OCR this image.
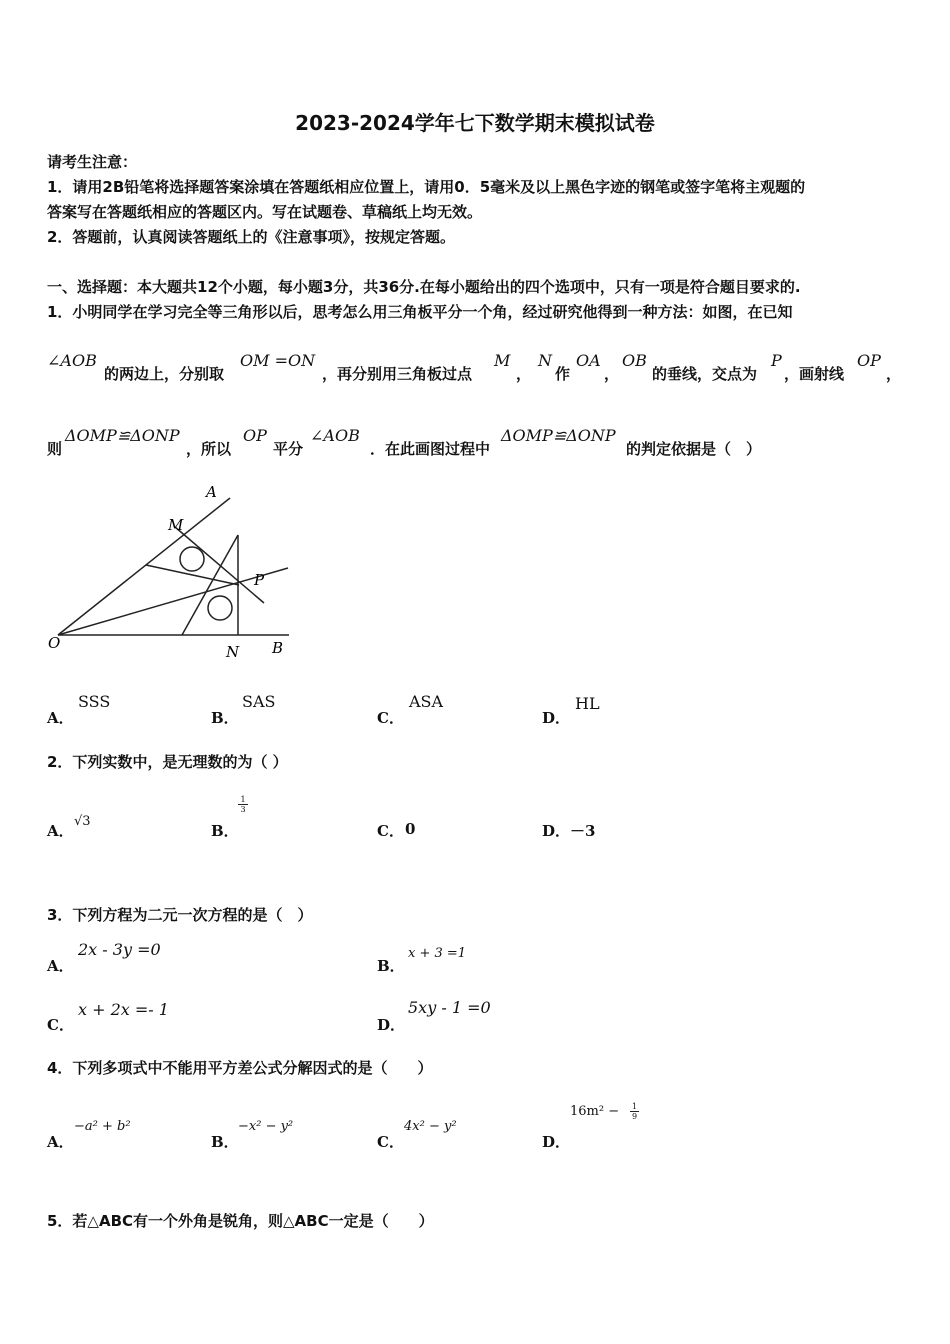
2023-2024学年七下数学期末模拟试卷
请考生注意：
1．请用2B铅笔将选择题答案涂填在答题纸相应位置上，请用0．5毫米及以上黑色字迹的钢笔或签字笔将主观题的
答案写在答题纸相应的答题区内。写在试题卷、草稿纸上均无效。
2．答题前，认真阅读答题纸上的《注意事项》，按规定答题。
一、选择题：本大题共12个小题，每小题3分，共36分.在每小题给出的四个选项中，只有一项是符合题目要求的.
1．小明同学在学习完全等三角形以后，思考怎么用三角板平分一个角，经过研究他得到一种方法：如图，在已知
∠AOB
的两边上，分别取
OM =ON
，再分别用三角板过点
M
，
N
作
OA
，
OB
的垂线，交点为
P
，画射线
OP
，
则
ΔOMP≌ΔONP
，所以
OP
平分
∠AOB
．在此画图过程中
ΔOMP≌ΔONP
的判定依据是（　）
A
M
P
O	N B
A．
SSS
B．
SAS
C．
ASA
D．
HL
2．下列实数中，是无理数的为（ ）
A．
√3
B．
$\frac{1}{3}$
C． 0	D． －3
3．下列方程为二元一次方程的是（　）
A．
2x - 3y =0
B．
x + 3 =1
C．
x + 2x =- 1
D．
5xy - 1 =0
4．下列多项式中不能用平方差公式分解因式的是（　　）
A．
−a² + b²
B．
−x² − y²
C．
4x² − y²
D．
$16m^2 - \frac{1}{9}$
5．若△ABC有一个外角是锐角，则△ABC一定是（　　）
